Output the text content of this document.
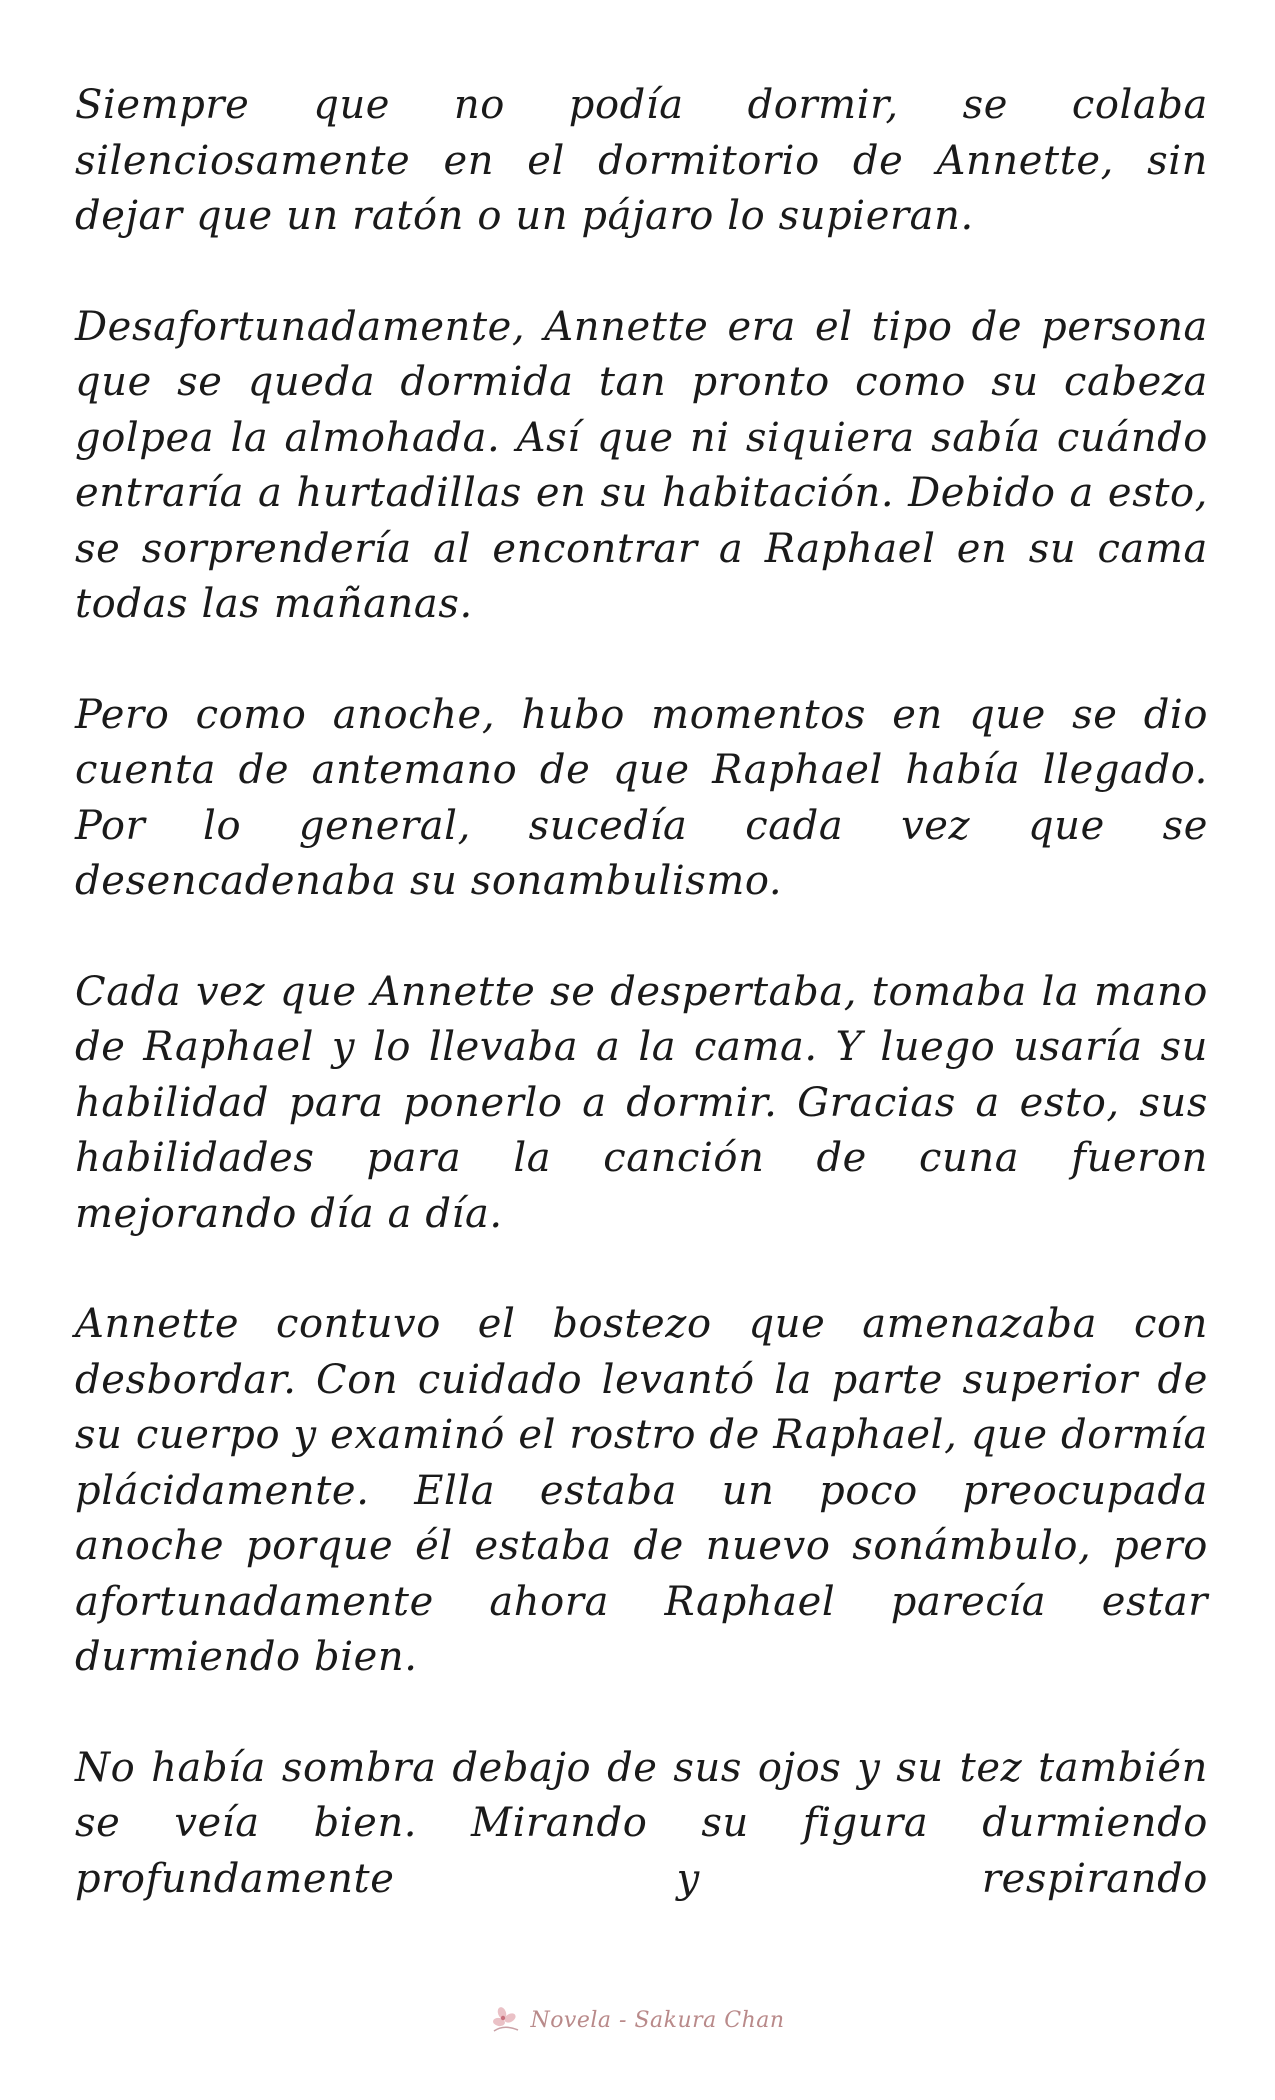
Siempre que no podía dormir, se colaba silenciosamente en el dormitorio de Annette, sin dejar que un ratón o un pájaro lo supieran.

Desafortunadamente, Annette era el tipo de persona que se queda dormida tan pronto como su cabeza golpea la almohada. Así que ni siquiera sabía cuándo entraría a hurtadillas en su habitación. Debido a esto, se sorprendería al encontrar a Raphael en su cama todas las mañanas.

Pero como anoche, hubo momentos en que se dio cuenta de antemano de que Raphael había llegado. Por lo general, sucedía cada vez que se desencadenaba su sonambulismo.

Cada vez que Annette se despertaba, tomaba la mano de Raphael y lo llevaba a la cama. Y luego usaría su habilidad para ponerlo a dormir. Gracias a esto, sus habilidades para la canción de cuna fueron mejorando día a día.

Annette contuvo el bostezo que amenazaba con desbordar. Con cuidado levantó la parte superior de su cuerpo y examinó el rostro de Raphael, que dormía plácidamente. Ella estaba un poco preocupada anoche porque él estaba de nuevo sonámbulo, pero afortunadamente ahora Raphael parecía estar durmiendo bien.

No había sombra debajo de sus ojos y su tez también se veía bien. Mirando su figura durmiendo profundamente y respirando

Novela - Sakura Chan
